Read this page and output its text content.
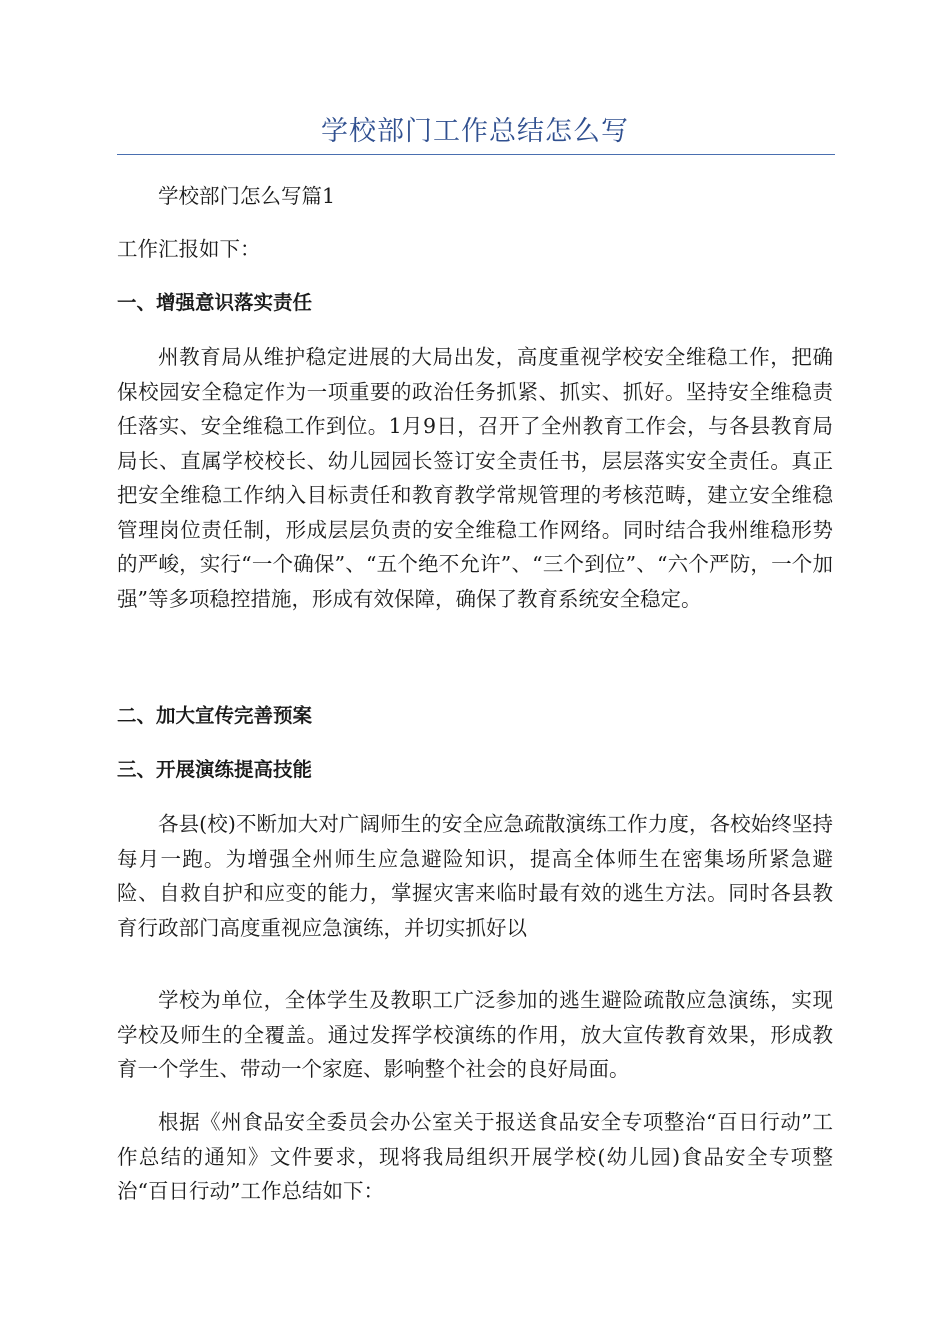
学校部门工作总结怎么写

学校部门怎么写篇1

工作汇报如下：

一、增强意识落实责任

州教育局从维护稳定进展的大局出发，高度重视学校安全维稳工作，把确保校园安全稳定作为一项重要的政治任务抓紧、抓实、抓好。坚持安全维稳责任落实、安全维稳工作到位。1月9日，召开了全州教育工作会，与各县教育局局长、直属学校校长、幼儿园园长签订安全责任书，层层落实安全责任。真正把安全维稳工作纳入目标责任和教育教学常规管理的考核范畴，建立安全维稳管理岗位责任制，形成层层负责的安全维稳工作网络。同时结合我州维稳形势的严峻，实行“一个确保”、“五个绝不允许”、“三个到位”、“六个严防，一个加强”等多项稳控措施，形成有效保障，确保了教育系统安全稳定。

二、加大宣传完善预案

三、开展演练提高技能

各县(校)不断加大对广阔师生的安全应急疏散演练工作力度，各校始终坚持每月一跑。为增强全州师生应急避险知识，提高全体师生在密集场所紧急避险、自救自护和应变的能力，掌握灾害来临时最有效的逃生方法。同时各县教育行政部门高度重视应急演练，并切实抓好以

学校为单位，全体学生及教职工广泛参加的逃生避险疏散应急演练，实现学校及师生的全覆盖。通过发挥学校演练的作用，放大宣传教育效果，形成教育一个学生、带动一个家庭、影响整个社会的良好局面。

根据《州食品安全委员会办公室关于报送食品安全专项整治“百日行动”工作总结的通知》文件要求，现将我局组织开展学校(幼儿园)食品安全专项整治“百日行动”工作总结如下：
